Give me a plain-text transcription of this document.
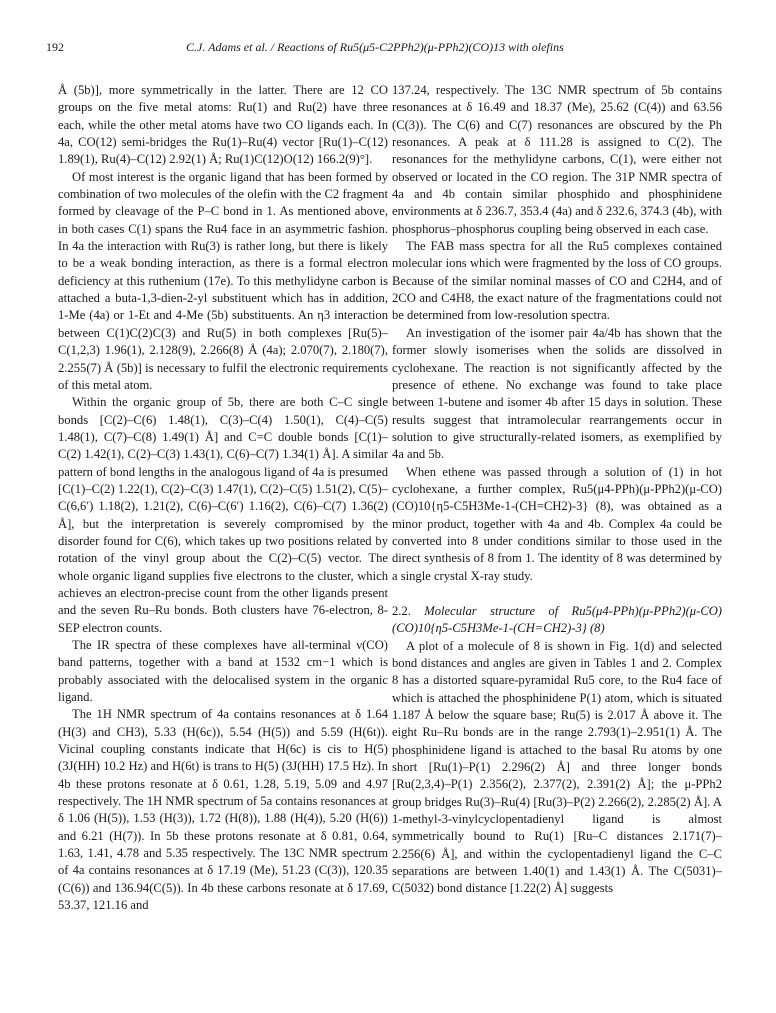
192	C.J. Adams et al. / Reactions of Ru5(μ5-C2PPh2)(μ-PPh2)(CO)13 with olefins

Å (5b)], more symmetrically in the latter. There are 12 CO groups on the five metal atoms: Ru(1) and Ru(2) have three each, while the other metal atoms have two CO ligands each. In 4a, CO(12) semi-bridges the Ru(1)–Ru(4) vector [Ru(1)–C(12) 1.89(1), Ru(4)–C(12) 2.92(1) Å; Ru(1)C(12)O(12) 166.2(9)°].

Of most interest is the organic ligand that has been formed by combination of two molecules of the olefin with the C2 fragment formed by cleavage of the P–C bond in 1. As mentioned above, in both cases C(1) spans the Ru4 face in an asymmetric fashion. In 4a the interaction with Ru(3) is rather long, but there is likely to be a weak bonding interaction, as there is a formal electron deficiency at this ruthenium (17e). To this methylidyne carbon is attached a buta-1,3-dien-2-yl substituent which has in addition, 1-Me (4a) or 1-Et and 4-Me (5b) substituents. An η3 interaction between C(1)C(2)C(3) and Ru(5) in both complexes [Ru(5)–C(1,2,3) 1.96(1), 2.128(9), 2.266(8) Å (4a); 2.070(7), 2.180(7), 2.255(7) Å (5b)] is necessary to fulfil the electronic requirements of this metal atom.

Within the organic group of 5b, there are both C–C single bonds [C(2)–C(6) 1.48(1), C(3)–C(4) 1.50(1), C(4)–C(5) 1.48(1), C(7)–C(8) 1.49(1) Å] and C=C double bonds [C(1)–C(2) 1.42(1), C(2)–C(3) 1.43(1), C(6)–C(7) 1.34(1) Å]. A similar pattern of bond lengths in the analogous ligand of 4a is presumed [C(1)–C(2) 1.22(1), C(2)–C(3) 1.47(1), C(2)–C(5) 1.51(2), C(5)–C(6,6′) 1.18(2), 1.21(2), C(6)–C(6′) 1.16(2), C(6)–C(7) 1.36(2) Å], but the interpretation is severely compromised by the disorder found for C(6), which takes up two positions related by rotation of the vinyl group about the C(2)–C(5) vector. The whole organic ligand supplies five electrons to the cluster, which achieves an electron-precise count from the other ligands present and the seven Ru–Ru bonds. Both clusters have 76-electron, 8-SEP electron counts.

The IR spectra of these complexes have all-terminal ν(CO) band patterns, together with a band at 1532 cm−1 which is probably associated with the delocalised system in the organic ligand.

The 1H NMR spectrum of 4a contains resonances at δ 1.64 (H(3) and CH3), 5.33 (H(6c)), 5.54 (H(5)) and 5.59 (H(6t)). Vicinal coupling constants indicate that H(6c) is cis to H(5) (3J(HH) 10.2 Hz) and H(6t) is trans to H(5) (3J(HH) 17.5 Hz). In 4b these protons resonate at δ 0.61, 1.28, 5.19, 5.09 and 4.97 respectively. The 1H NMR spectrum of 5a contains resonances at δ 1.06 (H(5)), 1.53 (H(3)), 1.72 (H(8)), 1.88 (H(4)), 5.20 (H(6)) and 6.21 (H(7)). In 5b these protons resonate at δ 0.81, 0.64, 1.63, 1.41, 4.78 and 5.35 respectively. The 13C NMR spectrum of 4a contains resonances at δ 17.19 (Me), 51.23 (C(3)), 120.35 (C(6)) and 136.94(C(5)). In 4b these carbons resonate at δ 17.69, 53.37, 121.16 and

137.24, respectively. The 13C NMR spectrum of 5b contains resonances at δ 16.49 and 18.37 (Me), 25.62 (C(4)) and 63.56 (C(3)). The C(6) and C(7) resonances are obscured by the Ph resonances. A peak at δ 111.28 is assigned to C(2). The resonances for the methylidyne carbons, C(1), were either not observed or located in the CO region. The 31P NMR spectra of 4a and 4b contain similar phosphido and phosphinidene environments at δ 236.7, 353.4 (4a) and δ 232.6, 374.3 (4b), with phosphorus–phosphorus coupling being observed in each case.

The FAB mass spectra for all the Ru5 complexes contained molecular ions which were fragmented by the loss of CO groups. Because of the similar nominal masses of CO and C2H4, and of 2CO and C4H8, the exact nature of the fragmentations could not be determined from low-resolution spectra.

An investigation of the isomer pair 4a/4b has shown that the former slowly isomerises when the solids are dissolved in cyclohexane. The reaction is not significantly affected by the presence of ethene. No exchange was found to take place between 1-butene and isomer 4b after 15 days in solution. These results suggest that intramolecular rearrangements occur in solution to give structurally-related isomers, as exemplified by 4a and 5b.

When ethene was passed through a solution of (1) in hot cyclohexane, a further complex, Ru5(μ4-PPh)(μ-PPh2)(μ-CO)(CO)10{η5-C5H3Me-1-(CH=CH2)-3} (8), was obtained as a minor product, together with 4a and 4b. Complex 4a could be converted into 8 under conditions similar to those used in the direct synthesis of 8 from 1. The identity of 8 was determined by a single crystal X-ray study.

2.2. Molecular structure of Ru5(μ4-PPh)(μ-PPh2)(μ-CO)(CO)10{η5-C5H3Me-1-(CH=CH2)-3} (8)

A plot of a molecule of 8 is shown in Fig. 1(d) and selected bond distances and angles are given in Tables 1 and 2. Complex 8 has a distorted square-pyramidal Ru5 core, to the Ru4 face of which is attached the phosphinidene P(1) atom, which is situated 1.187 Å below the square base; Ru(5) is 2.017 Å above it. The eight Ru–Ru bonds are in the range 2.793(1)–2.951(1) Å. The phosphinidene ligand is attached to the basal Ru atoms by one short [Ru(1)–P(1) 2.296(2) Å] and three longer bonds [Ru(2,3,4)–P(1) 2.356(2), 2.377(2), 2.391(2) Å]; the μ-PPh2 group bridges Ru(3)–Ru(4) [Ru(3)–P(2) 2.266(2), 2.285(2) Å]. A 1-methyl-3-vinylcyclopentadienyl ligand is almost symmetrically bound to Ru(1) [Ru–C distances 2.171(7)–2.256(6) Å], and within the cyclopentadienyl ligand the C–C separations are between 1.40(1) and 1.43(1) Å. The C(5031)–C(5032) bond distance [1.22(2) Å] suggests
